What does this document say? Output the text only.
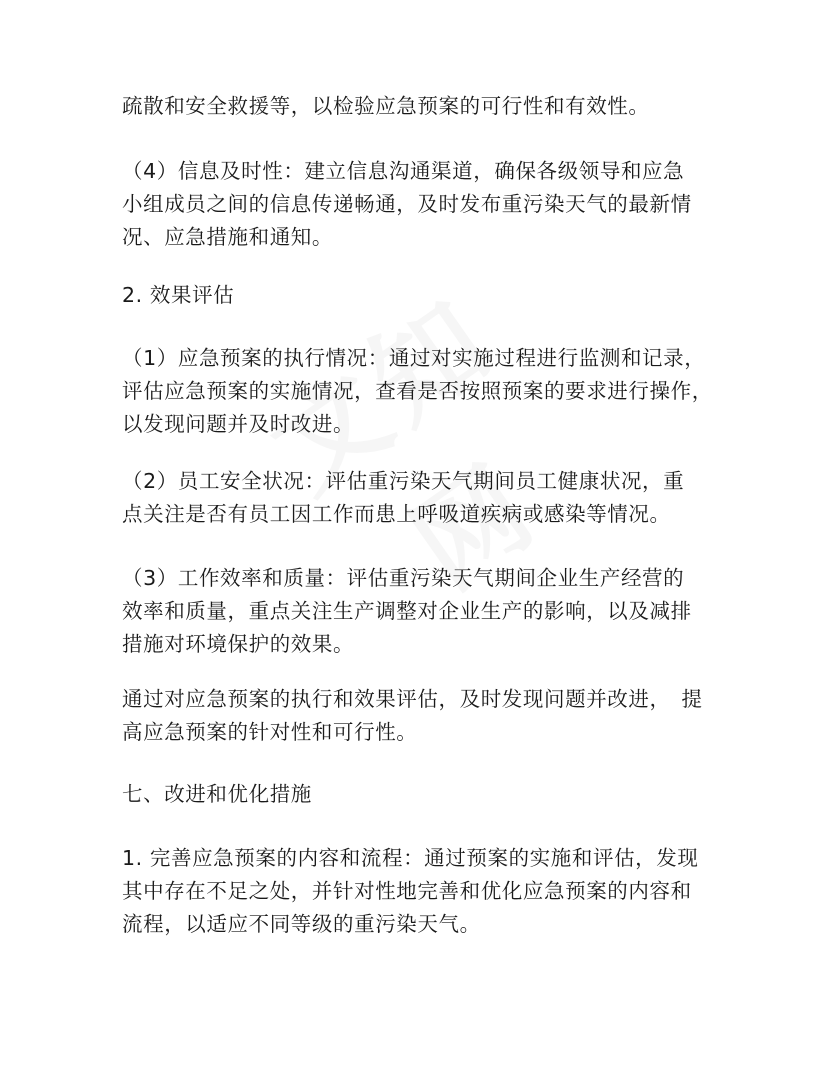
疏散和安全救援等，以检验应急预案的可行性和有效性。

（4）信息及时性：建立信息沟通渠道，确保各级领导和应急
小组成员之间的信息传递畅通，及时发布重污染天气的最新情
况、应急措施和通知。

2. 效果评估

（1）应急预案的执行情况：通过对实施过程进行监测和记录，
评估应急预案的实施情况，查看是否按照预案的要求进行操作，
以发现问题并及时改进。

（2）员工安全状况：评估重污染天气期间员工健康状况，重
点关注是否有员工因工作而患上呼吸道疾病或感染等情况。

（3）工作效率和质量：评估重污染天气期间企业生产经营的
效率和质量，重点关注生产调整对企业生产的影响，以及减排
措施对环境保护的效果。

通过对应急预案的执行和效果评估，及时发现问题并改进，　提
高应急预案的针对性和可行性。

七、改进和优化措施

1. 完善应急预案的内容和流程：通过预案的实施和评估，发现
其中存在不足之处，并针对性地完善和优化应急预案的内容和
流程，以适应不同等级的重污染天气。
